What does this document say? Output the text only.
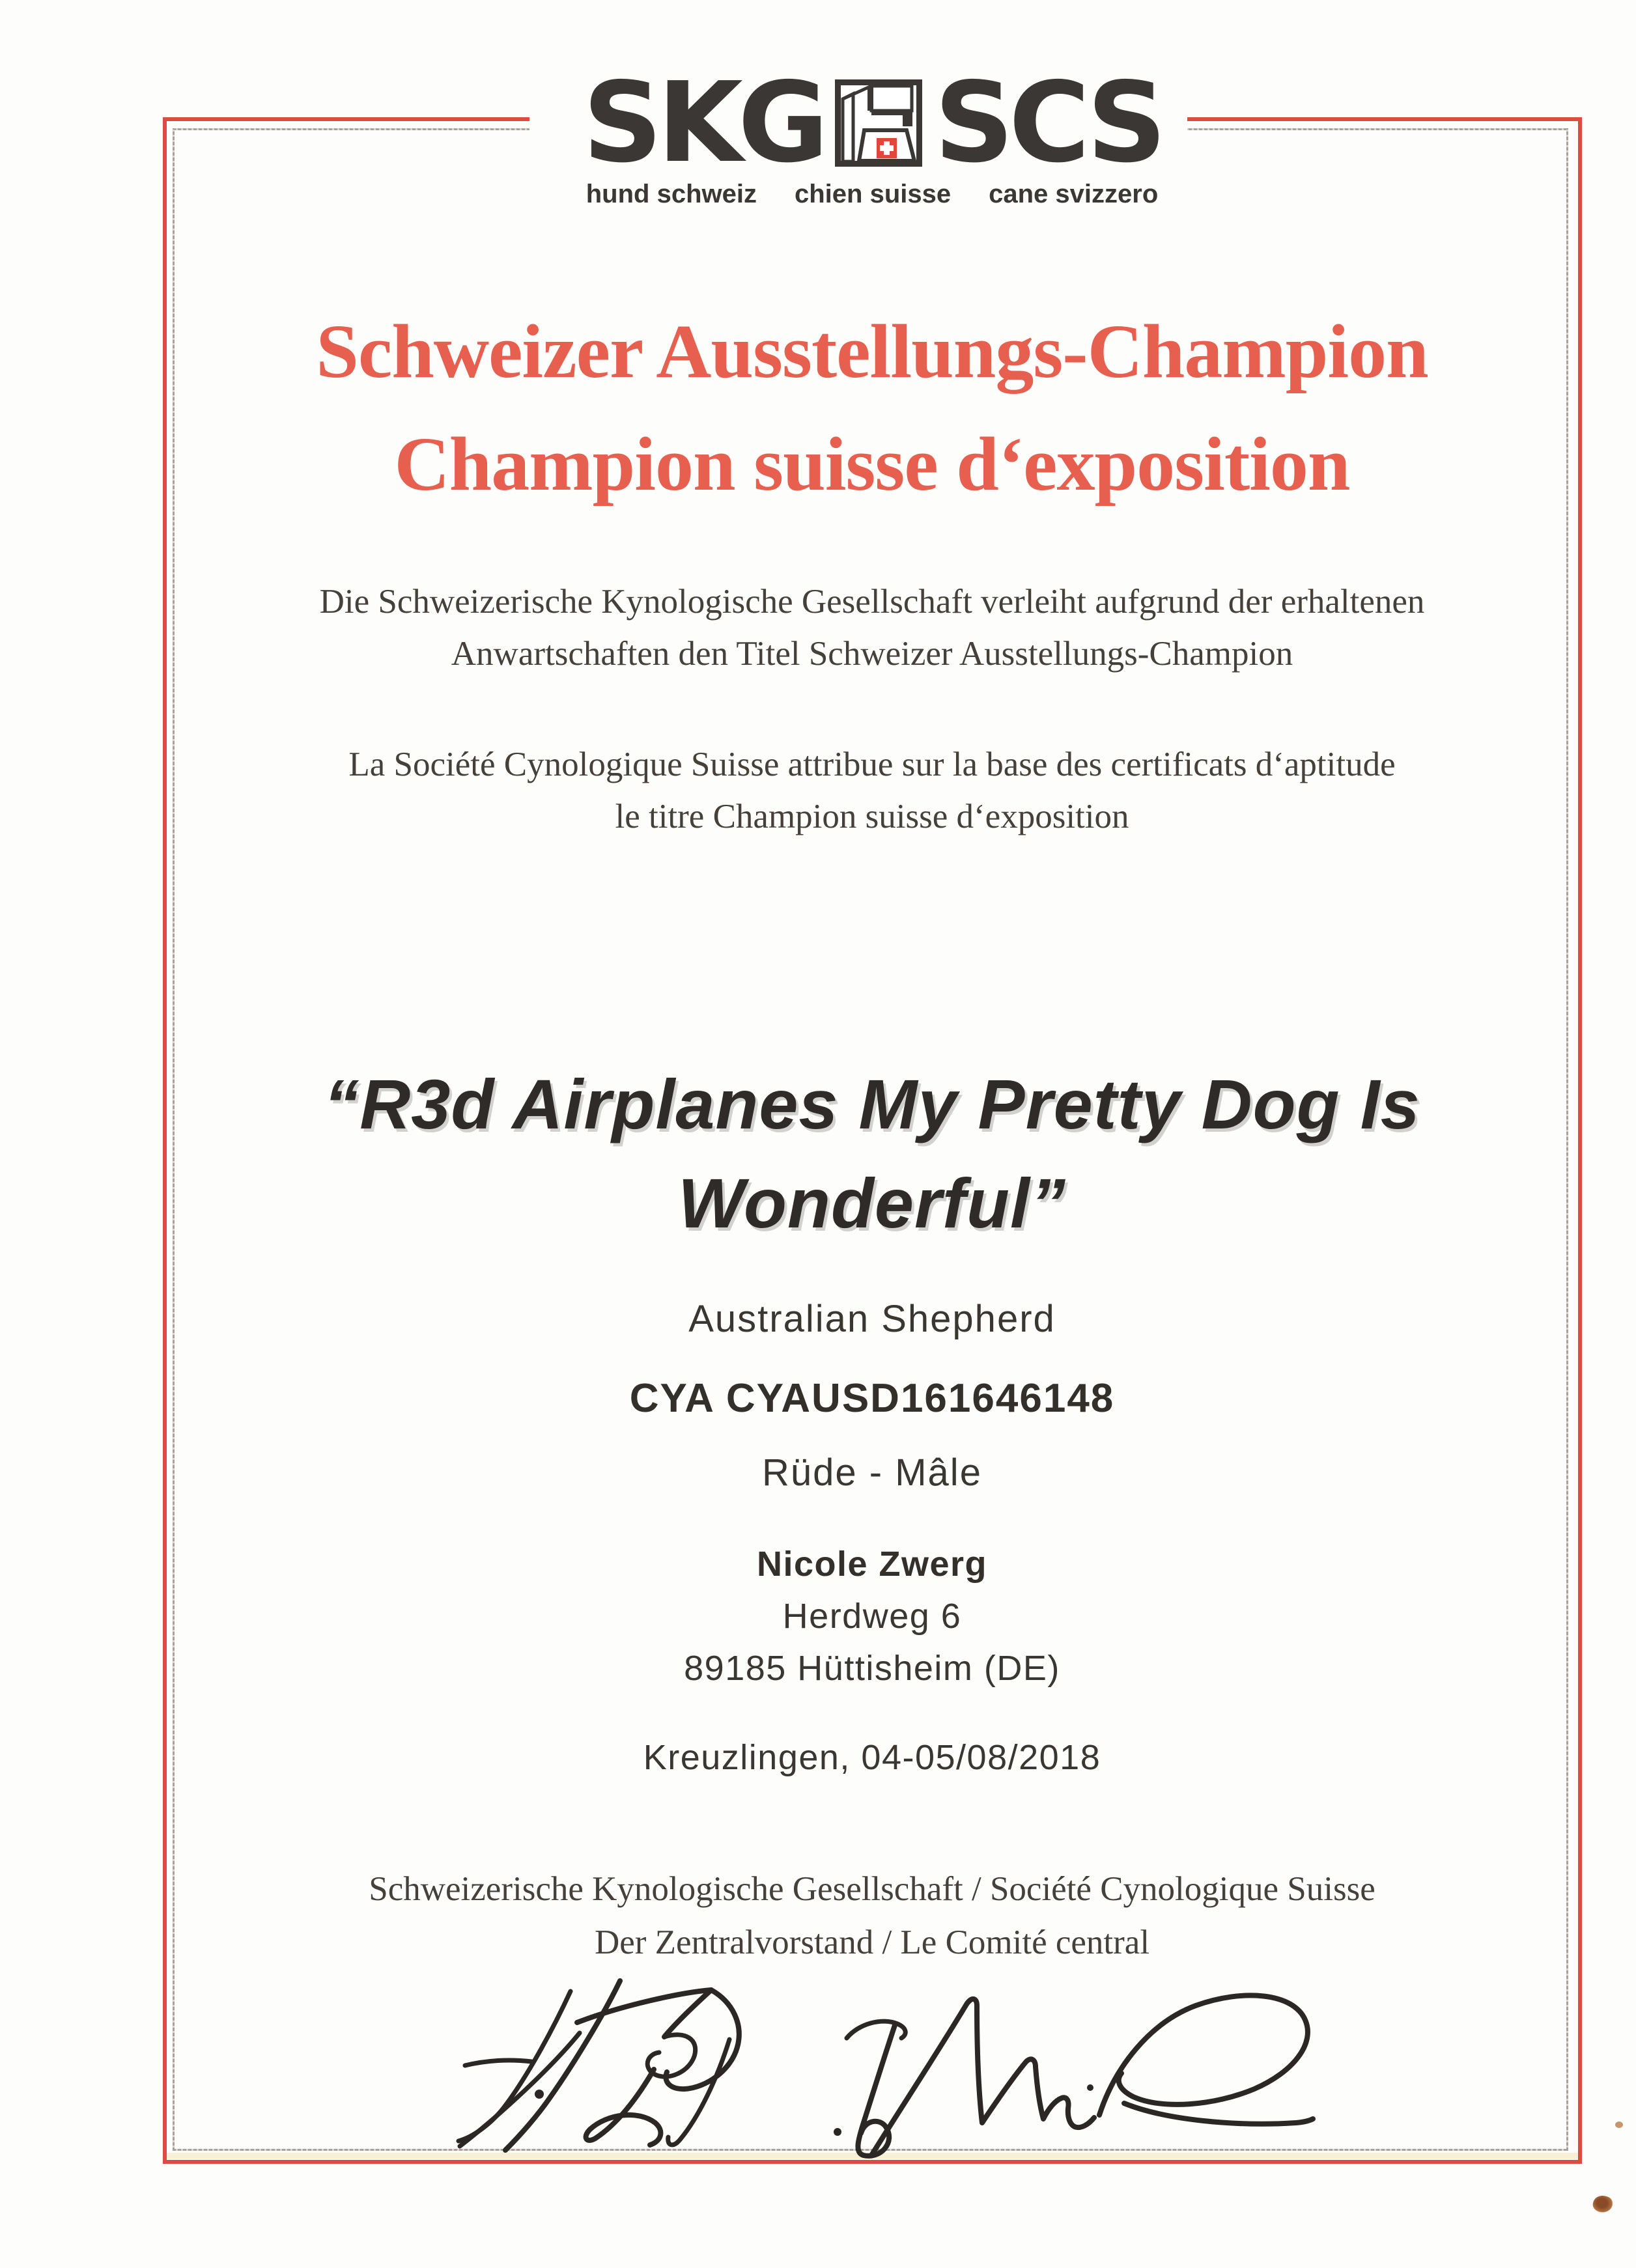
SKG SCS
hund schweiz chien suisse cane svizzero
Schweizer Ausstellungs-Champion
Champion suisse d‘exposition
Die Schweizerische Kynologische Gesellschaft verleiht aufgrund der erhaltenen
Anwartschaften den Titel Schweizer Ausstellungs-Champion
La Société Cynologique Suisse attribue sur la base des certificats d‘aptitude
le titre Champion suisse d‘exposition
“R3d Airplanes My Pretty Dog Is
Wonderful”
Australian Shepherd
CYA CYAUSD161646148
Rüde - Mâle
Nicole Zwerg
Herdweg 6
89185 Hüttisheim (DE)
Kreuzlingen, 04-05/08/2018
Schweizerische Kynologische Gesellschaft / Société Cynologique Suisse
Der Zentralvorstand / Le Comité central
